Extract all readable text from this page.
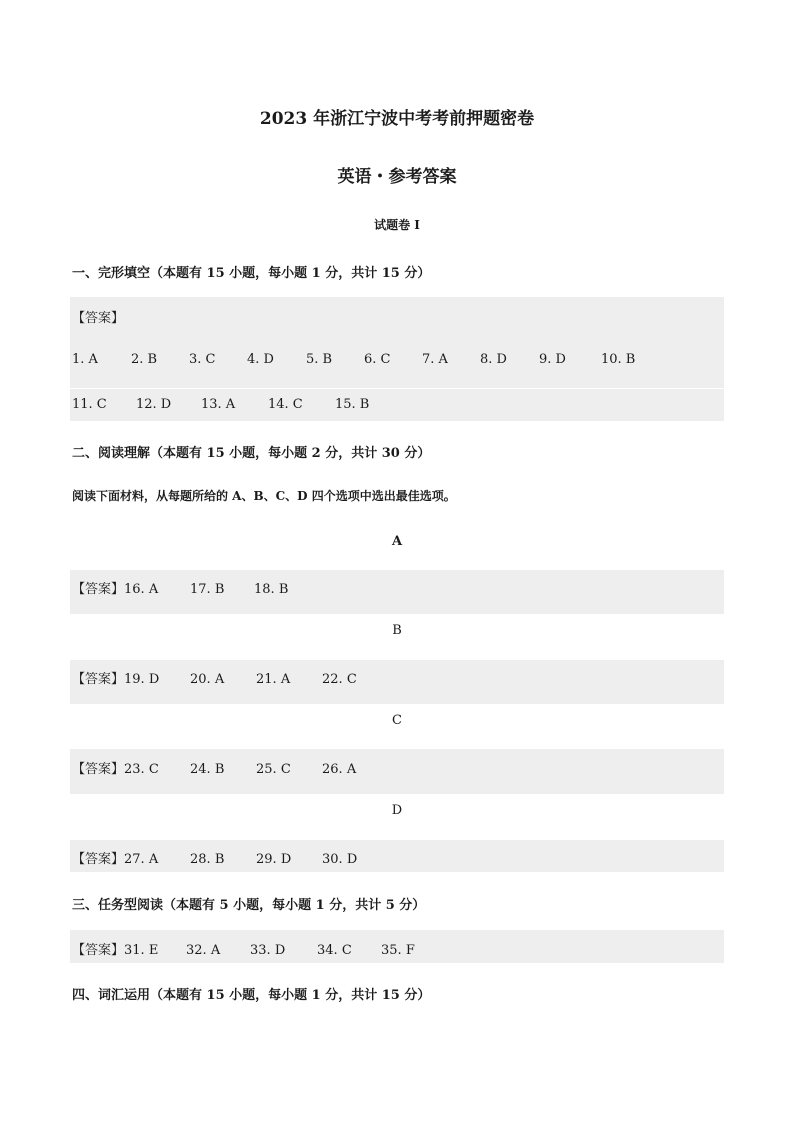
2023 年浙江宁波中考考前押题密卷
英语・参考答案
试题卷 I
一、完形填空（本题有 15 小题，每小题 1 分，共计 15 分）
【答案】
1. A	2. B 3. C 4. D 5. B 6. C 7. A 8. D 9. D	10. B
11. C 12. D 13. A	14. C 15. B
二、阅读理解（本题有 15 小题，每小题 2 分，共计 30 分）
阅读下面材料，从每题所给的 A、B、C、D 四个选项中选出最佳选项。
A
【答案】16. A 17. B 18. B
B
【答案】19. D 20. A 21. A 22. C
C
【答案】23. C 24. B 25. C 26. A
D
【答案】27. A 28. B 29. D 30. D
三、任务型阅读（本题有 5 小题，每小题 1 分，共计 5 分）
【答案】31. E 32. A 33. D 34. C 35. F
四、词汇运用（本题有 15 小题，每小题 1 分，共计 15 分）
